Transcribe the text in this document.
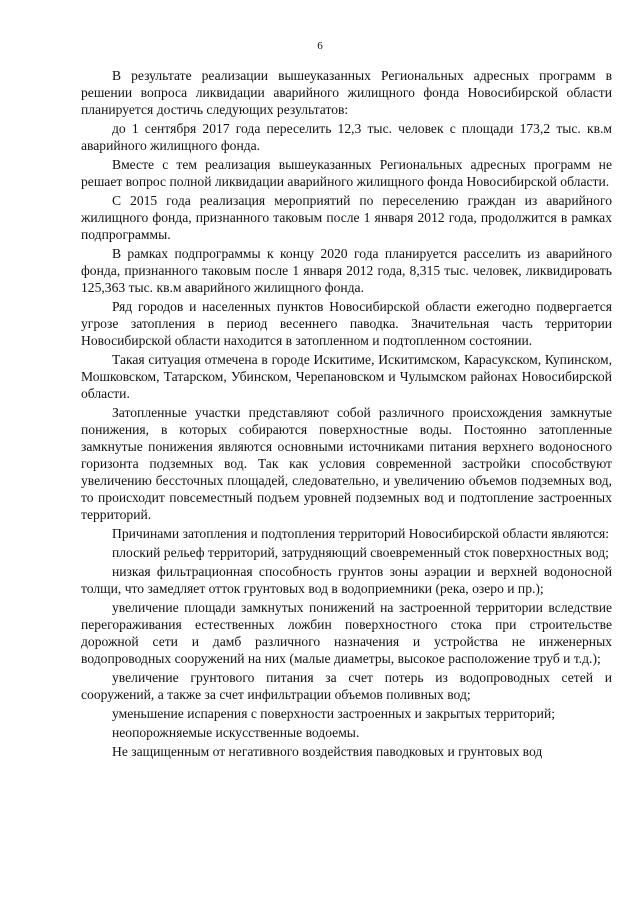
6

В результате реализации вышеуказанных Региональных адресных программ в решении вопроса ликвидации аварийного жилищного фонда Новосибирской области планируется достичь следующих результатов:

до 1 сентября 2017 года переселить 12,3 тыс. человек с площади 173,2 тыс. кв.м аварийного жилищного фонда.

Вместе с тем реализация вышеуказанных Региональных адресных программ не решает вопрос полной ликвидации аварийного жилищного фонда Новосибирской области.

С 2015 года реализация мероприятий по переселению граждан из аварийного жилищного фонда, признанного таковым после 1 января 2012 года, продолжится в рамках подпрограммы.

В рамках подпрограммы к концу 2020 года планируется расселить из аварийного фонда, признанного таковым после 1 января 2012 года, 8,315 тыс. человек, ликвидировать 125,363 тыс. кв.м аварийного жилищного фонда.

Ряд городов и населенных пунктов Новосибирской области ежегодно подвергается угрозе затопления в период весеннего паводка. Значительная часть территории Новосибирской области находится в затопленном и подтопленном состоянии.

Такая ситуация отмечена в городе Искитиме, Искитимском, Карасукском, Купинском, Мошковском, Татарском, Убинском, Черепановском и Чулымском районах Новосибирской области.

Затопленные участки представляют собой различного происхождения замкнутые понижения, в которых собираются поверхностные воды. Постоянно затопленные замкнутые понижения являются основными источниками питания верхнего водоносного горизонта подземных вод. Так как условия современной застройки способствуют увеличению бессточных площадей, следовательно, и увеличению объемов подземных вод, то происходит повсеместный подъем уровней подземных вод и подтопление застроенных территорий.

Причинами затопления и подтопления территорий Новосибирской области являются:

плоский рельеф территорий, затрудняющий своевременный сток поверхностных вод;

низкая фильтрационная способность грунтов зоны аэрации и верхней водоносной толщи, что замедляет отток грунтовых вод в водоприемники (река, озеро и пр.);

увеличение площади замкнутых понижений на застроенной территории вследствие перегораживания естественных ложбин поверхностного стока при строительстве дорожной сети и дамб различного назначения и устройства не инженерных водопроводных сооружений на них (малые диаметры, высокое расположение труб и т.д.);

увеличение грунтового питания за счет потерь из водопроводных сетей и сооружений, а также за счет инфильтрации объемов поливных вод;

уменьшение испарения с поверхности застроенных и закрытых территорий;

неопорожняемые искусственные водоемы.

Не защищенным от негативного воздействия паводковых и грунтовых вод
